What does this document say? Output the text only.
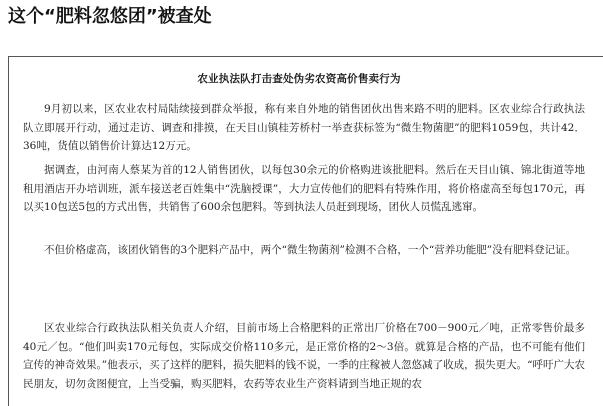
这个“肥料忽悠团”被查处
农业执法队打击查处伪劣农资高价售卖行为

9月初以来，区农业农村局陆续接到群众举报，称有来自外地的销售团伙出售来路不明的肥料。区农业综合行政执法队立即展开行动，通过走访、调查和排摸，在天目山镇桂芳桥村一举查获标签为“微生物菌肥”的肥料1059包，共计42．36吨，货值以销售价计算达12万元。

据调查，由河南人蔡某为首的12人销售团伙，以每包30余元的价格购进该批肥料。然后在天目山镇、锦北街道等地租用酒店开办培训班，派车接送老百姓集中“洗脑授课”，大力宣传他们的肥料有特殊作用，将价格虚高至每包170元，再以买10包送5包的方式出售，共销售了600余包肥料。等到执法人员赶到现场，团伙人员慌乱逃窜。

不但价格虚高，该团伙销售的3个肥料产品中，两个“微生物菌剂”检测不合格，一个“营养功能肥”没有肥料登记证。

区农业综合行政执法队相关负责人介绍，目前市场上合格肥料的正常出厂价格在700－900元／吨，正常零售价最多40元／包。“他们叫卖170元每包，实际成交价格110多元，是正常价格的2～3倍。就算是合格的产品，也不可能有他们宣传的神奇效果。”他表示，买了这样的肥料，损失肥料的钱不说，一季的庄稼被人忽悠减了收成，损失更大。“呼吁广大农民朋友，切勿贪图便宜，上当受骗，购买肥料，农药等农业生产资料请到当地正规的农
